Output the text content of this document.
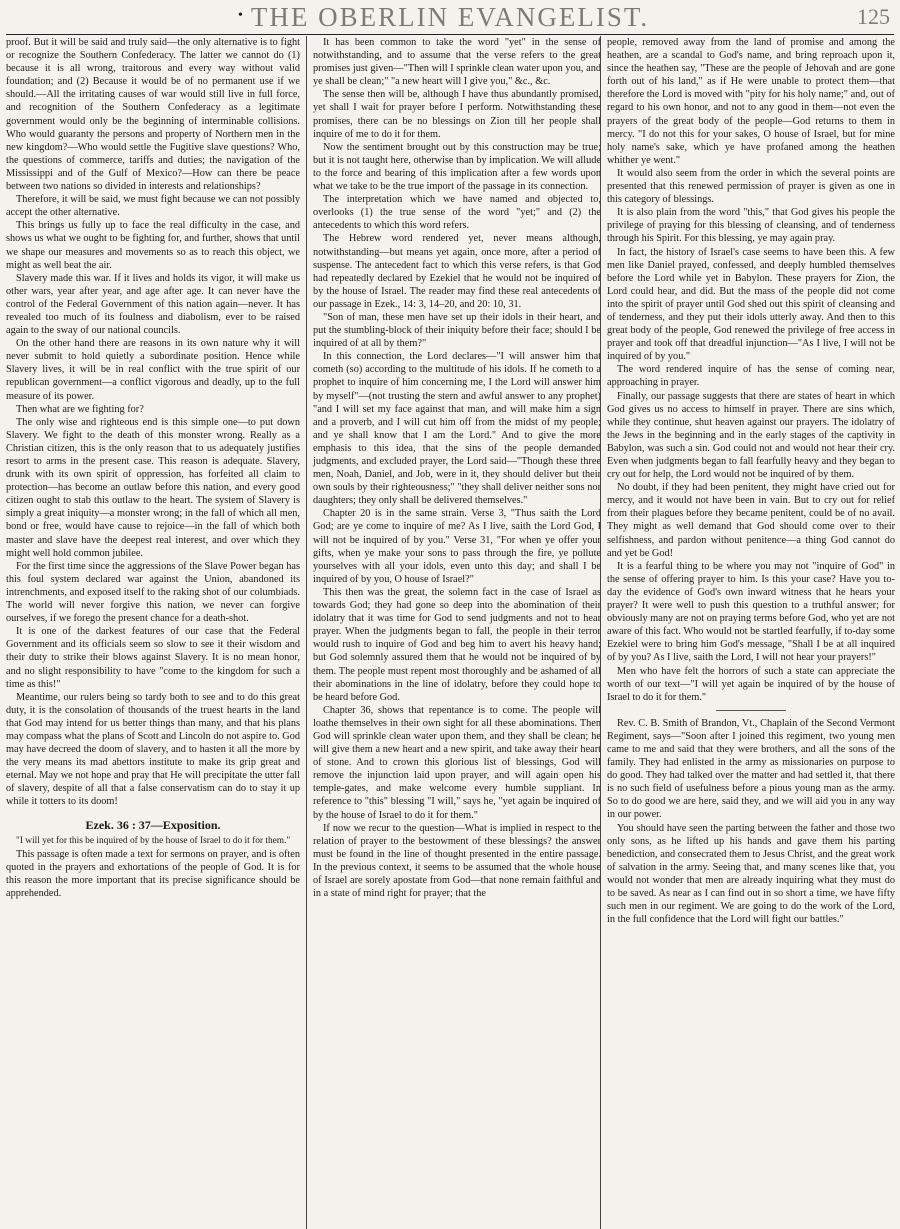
• THE OBERLIN EVANGELIST.	125

proof. But it will be said and truly said—the only alternative is to fight or recognize the Southern Confederacy. The latter we cannot do (1) because it is all wrong, traitorous and every way without valid foundation; and (2) Because it would be of no permanent use if we should.—All the irritating causes of war would still live in full force, and recognition of the Southern Confederacy as a legitimate government would only be the beginning of interminable collisions. Who would guaranty the persons and property of Northern men in the new kingdom?—Who would settle the Fugitive slave questions? Who, the questions of commerce, tariffs and duties; the navigation of the Mississippi and of the Gulf of Mexico?—How can there be peace between two nations so divided in interests and relationships?

Therefore, it will be said, we must fight because we can not possibly accept the other alternative.

This brings us fully up to face the real difficulty in the case, and shows us what we ought to be fighting for, and further, shows that until we shape our measures and movements so as to reach this object, we might as well beat the air.

Slavery made this war. If it lives and holds its vigor, it will make us other wars, year after year, and age after age. It can never have the control of the Federal Government of this nation again—never. It has revealed too much of its foulness and diabolism, ever to be raised again to the sway of our national councils.

On the other hand there are reasons in its own nature why it will never submit to hold quietly a subordinate position. Hence while Slavery lives, it will be in real conflict with the true spirit of our republican government—a conflict vigorous and deadly, up to the full measure of its power.

Then what are we fighting for?

The only wise and righteous end is this simple one—to put down Slavery. We fight to the death of this monster wrong. Really as a Christian citizen, this is the only reason that to us adequately justifies resort to arms in the present case. This reason is adequate. Slavery, drunk with its own spirit of oppression, has forfeited all claim to protection—has become an outlaw before this nation, and every good citizen ought to stab this outlaw to the heart. The system of Slavery is simply a great iniquity—a monster wrong; in the fall of which all men, bond or free, would have cause to rejoice—in the fall of which both master and slave have the deepest real interest, and over which they might well hold common jubilee.

For the first time since the aggressions of the Slave Power began has this foul system declared war against the Union, abandoned its intrenchments, and exposed itself to the raking shot of our columbiads. The world will never forgive this nation, we never can forgive ourselves, if we forego the present chance for a death-shot.

It is one of the darkest features of our case that the Federal Government and its officials seem so slow to see it their wisdom and their duty to strike their blows against Slavery. It is no mean honor, and no slight responsibility to have "come to the kingdom for such a time as this!"

Meantime, our rulers being so tardy both to see and to do this great duty, it is the consolation of thousands of the truest hearts in the land that God may intend for us better things than many, and that his plans may compass what the plans of Scott and Lincoln do not aspire to. God may have decreed the doom of slavery, and to hasten it all the more by the very means its mad abettors institute to make its grip great and eternal. May we not hope and pray that He will precipitate the utter fall of slavery, despite of all that a false conservatism can do to stay it up while it totters to its doom!

Ezek. 36 : 37—Exposition.

"I will yet for this be inquired of by the house of Israel to do it for them."

This passage is often made a text for sermons on prayer, and is often quoted in the prayers and exhortations of the people of God. It is for this reason the more important that its precise significance should be apprehended.

It has been common to take the word "yet" in the sense of notwithstanding, and to assume that the verse refers to the great promises just given—"Then will I sprinkle clean water upon you, and ye shall be clean;" "a new heart will I give you," &c., &c.

The sense then will be, although I have thus abundantly promised, yet shall I wait for prayer before I perform. Notwithstanding these promises, there can be no blessings on Zion till her people shall inquire of me to do it for them.

Now the sentiment brought out by this construction may be true; but it is not taught here, otherwise than by implication. We will allude to the force and bearing of this implication after a few words upon what we take to be the true import of the passage in its connection.

The interpretation which we have named and objected to, overlooks (1) the true sense of the word "yet;" and (2) the antecedents to which this word refers.

The Hebrew word rendered yet, never means although, notwithstanding—but means yet again, once more, after a period of suspense. The antecedent fact to which this verse refers, is that God had repeatedly declared by Ezekiel that he would not be inquired of by the house of Israel. The reader may find these real antecedents of our passage in Ezek., 14: 3, 14–20, and 20: 10, 31.

"Son of man, these men have set up their idols in their heart, and put the stumbling-block of their iniquity before their face; should I be inquired of at all by them?"

In this connection, the Lord declares—"I will answer him that cometh (so) according to the multitude of his idols. If he cometh to a prophet to inquire of him concerning me, I the Lord will answer him by myself"—(not trusting the stern and awful answer to any prophet) "and I will set my face against that man, and will make him a sign and a proverb, and I will cut him off from the midst of my people; and ye shall know that I am the Lord." And to give the more emphasis to this idea, that the sins of the people demanded judgments, and excluded prayer, the Lord said—"Though these three men, Noah, Daniel, and Job, were in it, they should deliver but their own souls by their righteousness;" "they shall deliver neither sons nor daughters; they only shall be delivered themselves."

Chapter 20 is in the same strain. Verse 3, "Thus saith the Lord God; are ye come to inquire of me? As I live, saith the Lord God, I will not be inquired of by you." Verse 31, "For when ye offer your gifts, when ye make your sons to pass through the fire, ye pollute yourselves with all your idols, even unto this day; and shall I be inquired of by you, O house of Israel?"

This then was the great, the solemn fact in the case of Israel as towards God; they had gone so deep into the abomination of their idolatry that it was time for God to send judgments and not to hear prayer. When the judgments began to fall, the people in their terror would rush to inquire of God and beg him to avert his heavy hand; but God solemnly assured them that he would not be inquired of by them. The people must repent most thoroughly and be ashamed of all their abominations in the line of idolatry, before they could hope to be heard before God.

Chapter 36, shows that repentance is to come. The people will loathe themselves in their own sight for all these abominations. Then God will sprinkle clean water upon them, and they shall be clean; he will give them a new heart and a new spirit, and take away their heart of stone. And to crown this glorious list of blessings, God will remove the injunction laid upon prayer, and will again open his temple-gates, and make welcome every humble suppliant. In reference to "this" blessing "I will," says he, "yet again be inquired of by the house of Israel to do it for them."

If now we recur to the question—What is implied in respect to the relation of prayer to the bestowment of these blessings? the answer must be found in the line of thought presented in the entire passage. In the previous context, it seems to be assumed that the whole house of Israel are sorely apostate from God—that none remain faithful and in a state of mind right for prayer; that the

people, removed away from the land of promise and among the heathen, are a scandal to God's name, and bring reproach upon it, since the heathen say, "These are the people of Jehovah and are gone forth out of his land," as if He were unable to protect them—that therefore the Lord is moved with "pity for his holy name;" and, out of regard to his own honor, and not to any good in them—not even the prayers of the great body of the people—God returns to them in mercy. "I do not this for your sakes, O house of Israel, but for mine holy name's sake, which ye have profaned among the heathen whither ye went."

It would also seem from the order in which the several points are presented that this renewed permission of prayer is given as one in this category of blessings.

It is also plain from the word "this," that God gives his people the privilege of praying for this blessing of cleansing, and of tenderness through his Spirit. For this blessing, ye may again pray.

In fact, the history of Israel's case seems to have been this. A few men like Daniel prayed, confessed, and deeply humbled themselves before the Lord while yet in Babylon. These prayers for Zion, the Lord could hear, and did. But the mass of the people did not come into the spirit of prayer until God shed out this spirit of cleansing and of tenderness, and they put their idols utterly away. And then to this great body of the people, God renewed the privilege of free access in prayer and took off that dreadful injunction—"As I live, I will not be inquired of by you."

The word rendered inquire of has the sense of coming near, approaching in prayer.

Finally, our passage suggests that there are states of heart in which God gives us no access to himself in prayer. There are sins which, while they continue, shut heaven against our prayers. The idolatry of the Jews in the beginning and in the early stages of the captivity in Babylon, was such a sin. God could not and would not hear their cry. Even when judgments began to fall fearfully heavy and they began to cry out for help, the Lord would not be inquired of by them.

No doubt, if they had been penitent, they might have cried out for mercy, and it would not have been in vain. But to cry out for relief from their plagues before they became penitent, could be of no avail. They might as well demand that God should come over to their selfishness, and pardon without penitence—a thing God cannot do and yet be God!

It is a fearful thing to be where you may not "inquire of God" in the sense of offering prayer to him. Is this your case? Have you to-day the evidence of God's own inward witness that he hears your prayer? It were well to push this question to a truthful answer; for obviously many are not on praying terms before God, who yet are not aware of this fact. Who would not be startled fearfully, if to-day some Ezekiel were to bring him God's message, "Shall I be at all inquired of by you? As I live, saith the Lord, I will not hear your prayers!"

Men who have felt the horrors of such a state can appreciate the worth of our text—"I will yet again be inquired of by the house of Israel to do it for them."

Rev. C. B. Smith of Brandon, Vt., Chaplain of the Second Vermont Regiment, says—"Soon after I joined this regiment, two young men came to me and said that they were brothers, and all the sons of the family. They had enlisted in the army as missionaries on purpose to do good. They had talked over the matter and had settled it, that there is no such field of usefulness before a pious young man as the army. So to do good we are here, said they, and we will aid you in any way in our power.

You should have seen the parting between the father and those two only sons, as he lifted up his hands and gave them his parting benediction, and consecrated them to Jesus Christ, and the great work of salvation in the army. Seeing that, and many scenes like that, you would not wonder that men are already inquiring what they must do to be saved. As near as I can find out in so short a time, we have fifty such men in our regiment. We are going to do the work of the Lord, in the full confidence that the Lord will fight our battles."
